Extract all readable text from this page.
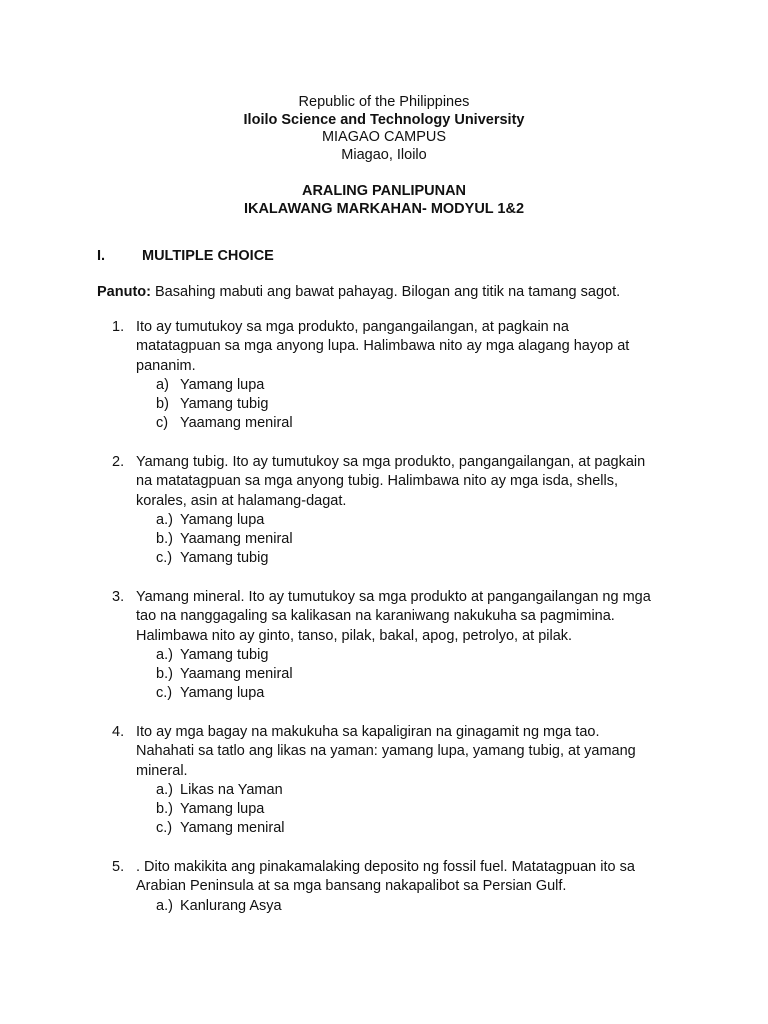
Republic of the Philippines
Iloilo Science and Technology University
MIAGAO CAMPUS
Miagao, Iloilo
ARALING PANLIPUNAN
IKALAWANG MARKAHAN- MODYUL 1&2
I.	MULTIPLE CHOICE
Panuto: Basahing mabuti ang bawat pahayag. Bilogan ang titik na tamang sagot.
1. Ito ay tumutukoy sa mga produkto, pangangailangan, at pagkain na
matatagpuan sa mga anyong lupa. Halimbawa nito ay mga alagang hayop at
pananim.
a) Yamang lupa
b) Yamang tubig
c) Yaamang meniral
2. Yamang tubig. Ito ay tumutukoy sa mga produkto, pangangailangan, at pagkain
na matatagpuan sa mga anyong tubig. Halimbawa nito ay mga isda, shells,
korales, asin at halamang-dagat.
a.) Yamang lupa
b.) Yaamang meniral
c.) Yamang tubig
3. Yamang mineral. Ito ay tumutukoy sa mga produkto at pangangailangan ng mga
tao na nanggagaling sa kalikasan na karaniwang nakukuha sa pagmimina.
Halimbawa nito ay ginto, tanso, pilak, bakal, apog, petrolyo, at pilak.
a.) Yamang tubig
b.) Yaamang meniral
c.) Yamang lupa
4. Ito ay mga bagay na makukuha sa kapaligiran na ginagamit ng mga tao.
Nahahati sa tatlo ang likas na yaman: yamang lupa, yamang tubig, at yamang
mineral.
a.) Likas na Yaman
b.) Yamang lupa
c.) Yamang meniral
5. . Dito makikita ang pinakamalaking deposito ng fossil fuel. Matatagpuan ito sa
Arabian Peninsula at sa mga bansang nakapalibot sa Persian Gulf.
a.) Kanlurang Asya
